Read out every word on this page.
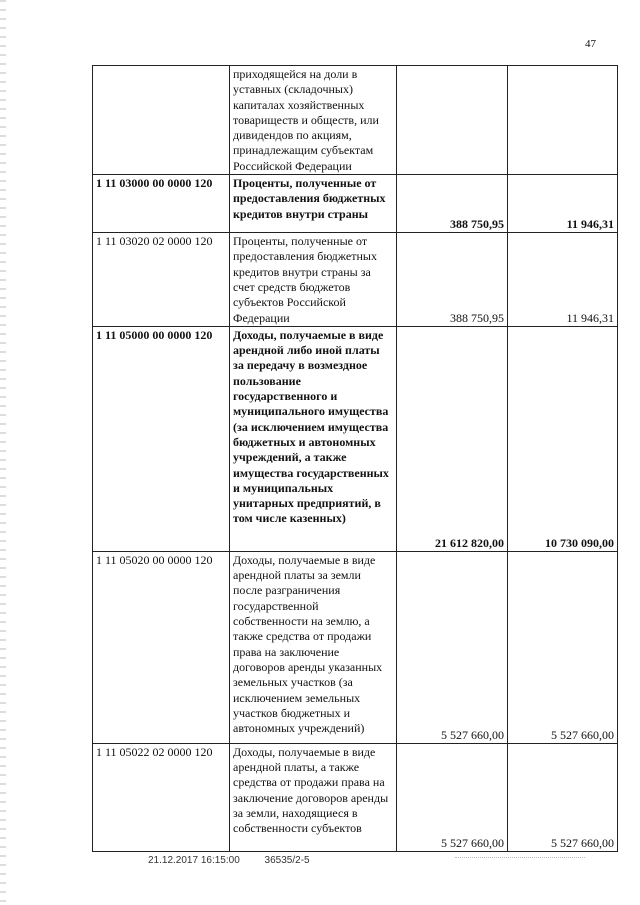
47
	приходящейся на доли в уставных (складочных) капиталах хозяйственных товариществ и обществ, или дивидендов по акциям, принадлежащим субъектам Российской Федерации		
1 11 03000 00 0000 120	Проценты, полученные от предоставления бюджетных кредитов внутри страны	388 750,95	11 946,31
1 11 03020 02 0000 120	Проценты, полученные от предоставления бюджетных кредитов внутри страны за счет средств бюджетов субъектов Российской Федерации	388 750,95	11 946,31
1 11 05000 00 0000 120	Доходы, получаемые в виде арендной либо иной платы за передачу в возмездное пользование государственного и муниципального имущества (за исключением имущества бюджетных и автономных учреждений, а также имущества государственных и муниципальных унитарных предприятий, в том числе казенных)	21 612 820,00	10 730 090,00
1 11 05020 00 0000 120	Доходы, получаемые в виде арендной платы за земли после разграничения государственной собственности на землю, а также средства от продажи права на заключение договоров аренды указанных земельных участков (за исключением земельных участков бюджетных и автономных учреждений)	5 527 660,00	5 527 660,00
1 11 05022 02 0000 120	Доходы, получаемые в виде арендной платы, а также средства от продажи права на заключение договоров аренды за земли, находящиеся в собственности субъектов	5 527 660,00	5 527 660,00
21.12.2017 16:15:00 36535/2-5
